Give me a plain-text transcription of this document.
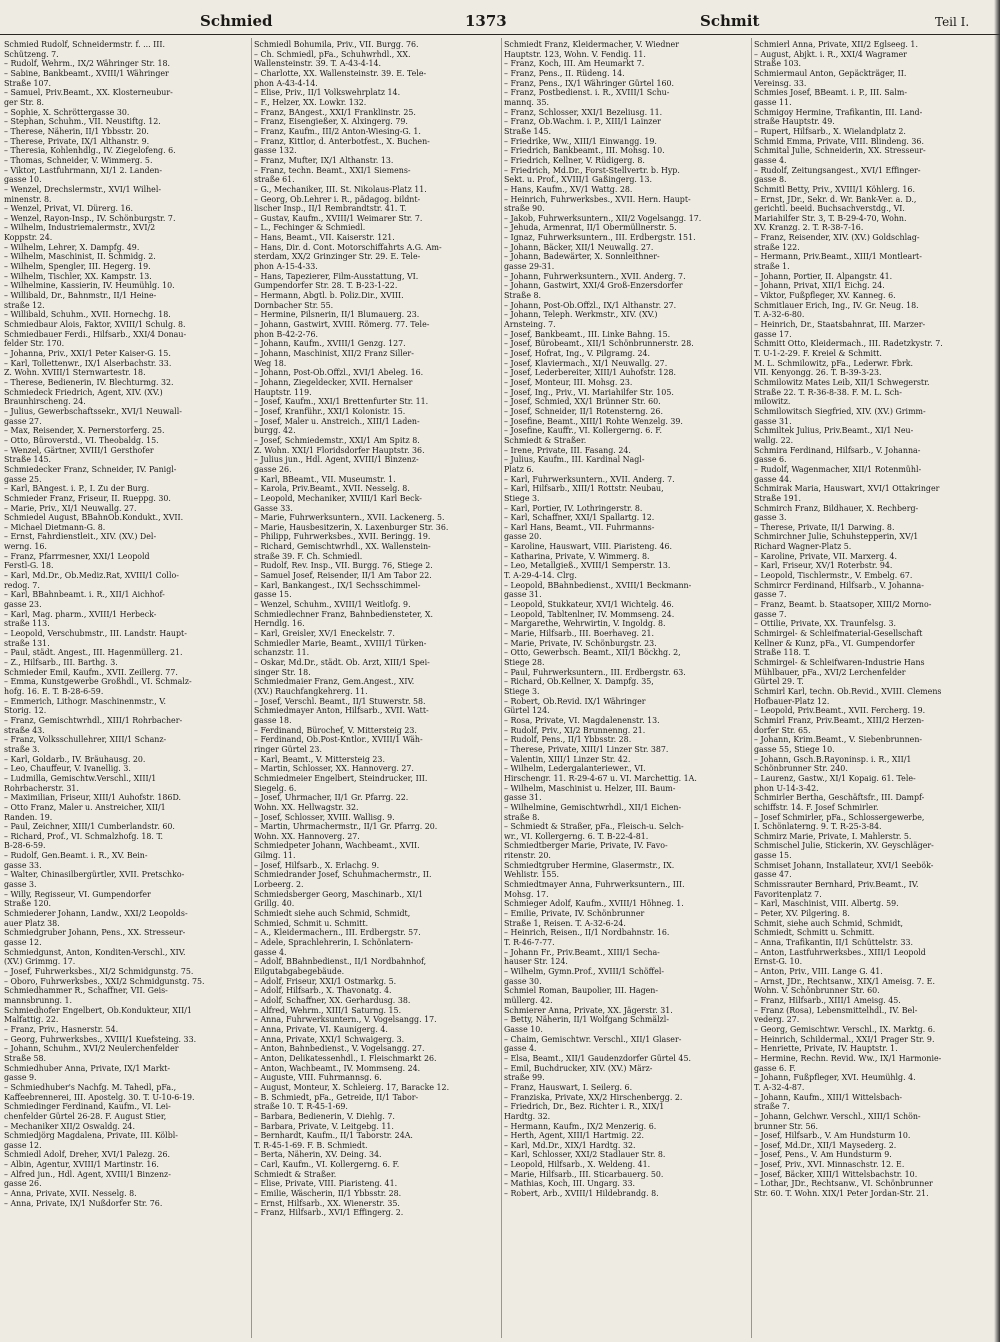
Schmied	1373	Schmit	Teil I.
Schmied Rudolf, Schneidermstr. f. ... III.
Schützeng. 7.
– Rudolf, Wehrm., IX/2 Währinger Str. 18.
– Sabine, Bankbeamt., XVIII/1 Währinger
Straße 107.
– Samuel, Priv.Beamt., XX. Klosterneubur-
ger Str. 8.
– Sophie, X. Schröttergasse 30.
– Stephan, Schuhm., VII. Neustiftg. 12.
– Therese, Näherin, II/1 Ybbsstr. 20.
– Therese, Private, IX/1 Althanstr. 9.
– Theresia, Kohlenhdlg., IV. Ziegelofeng. 6.
– Thomas, Schneider, V. Wimmerg. 5.
– Viktor, Lastfuhrmann, XI/1 2. Landen-
gasse 10.
– Wenzel, Drechslermstr., XVI/1 Wilhel-
minenstr. 8.
– Wenzel, Privat, VI. Dürerg. 16.
– Wenzel, Rayon-Insp., IV. Schönburgstr. 7.
– Wilhelm, Industriemalermstr., XVI/2
Koppstr. 24.
– Wilhelm, Lehrer, X. Dampfg. 49.
– Wilhelm, Maschinist, II. Schmidg. 2.
– Wilhelm, Spengler, III. Hegerg. 19.
– Wilhelm, Tischler, XX. Kampstr. 13.
– Wilhelmine, Kassierin, IV. Heumühlg. 10.
– Willibald, Dr., Bahnmstr., II/1 Heine-
straße 12.
– Willibald, Schuhm., XVII. Hornechg. 18.
Schmiedbaur Alois, Faktor, XVIII/1 Schulg. 8.
Schmiedbauer Ferdi., Hilfsarb., XXI/4 Donau-
felder Str. 170.
– Johanna, Priv., XXI/1 Peter Kaiser-G. 15.
– Karl, Tollettenwr., IX/1 Alserbachstr. 33.
Z. Wohn. XVIII/1 Sternwartestr. 18.
– Therese, Bedienerin, IV. Blechturmg. 32.
Schmiedeck Friedrich, Agent, XIV. (XV.)
Braunhirscheng. 24.
– Julius, Gewerbschaftssekr., XVI/1 Neuwall-
gasse 27.
– Max, Reisender, X. Pernerstorferg. 25.
– Otto, Büroverstd., VI. Theobaldg. 15.
– Wenzel, Gärtner, XVIII/1 Gersthofer
Straße 145.
Schmiedecker Franz, Schneider, IV. Panigl-
gasse 25.
– Karl, BAngest. i. P., I. Zu der Burg.
Schmieder Franz, Friseur, II. Rueppg. 30.
– Marie, Priv., XI/1 Neuwallg. 27.
Schmiedel August, BBahnOb.Kondukt., XVII.
– Michael Dietmann-G. 8.
– Ernst, Fahrdienstleit., XIV. (XV.) Del-
werng. 16.
– Franz, Pfarrmesner, XXI/1 Leopold
Ferstl-G. 18.
– Karl, Md.Dr., Ob.Mediz.Rat, XVIII/1 Collo-
redog. 7.
– Karl, BBahnbeamt. i. R., XII/1 Aichhof-
gasse 23.
– Karl, Mag. pharm., XVIII/1 Herbeck-
straße 113.
– Leopold, Verschubmstr., III. Landstr. Haupt-
straße 131.
– Paul, städt. Angest., III. Hagenmüllerg. 21.
– Z., Hilfsarb., III. Barthg. 3.
Schmieder Emil, Kaufm., XVII. Zeillerg. 77.
– Emma, Kunstgewerbe Großhdl., VI. Schmalz-
hofg. 16. E. T. B-28-6-59.
– Emmerich, Lithogr. Maschinenmstr., V.
Storig. 12.
– Franz, Gemischtwrhdl., XIII/1 Rohrbacher-
straße 43.
– Franz, Volksschullehrer, XIII/1 Schanz-
straße 3.
– Karl, Goldarb., IV. Bräuhausg. 20.
– Leo, Chauffeur, V. Ivanellig. 3.
– Ludmilla, Gemischtw.Verschl., XIII/1
Rohrbacherstr. 31.
– Maximilian, Friseur, XIII/1 Auhofstr. 186D.
– Otto Franz, Maler u. Anstreicher, XII/1
Randen. 19.
– Paul, Zeichner, XIII/1 Cumberlandstr. 60.
– Richard, Prof., VI. Schmalzhofg. 18. T.
B-28-6-59.
– Rudolf, Gen.Beamt. i. R., XV. Bein-
gasse 33.
– Walter, Chinasilbergürtler, XVII. Pretschko-
gasse 3.
– Willy, Regisseur, VI. Gumpendorfer
Straße 120.
Schmiederer Johann, Landw., XXI/2 Leopolds-
auer Platz 38.
Schmiedgruber Johann, Pens., XX. Stresseur-
gasse 12.
Schmiedgunst, Anton, Konditen-Verschl., XIV.
(XV.) Grimmg. 17.
– Josef, Fuhrwerksbes., XI/2 Schmidgunstg. 75.
– Oboro, Fuhrwerksbes., XXI/2 Schmidgunstg. 75.
Schmiedhammer R., Schaffner, VII. Geis-
mannsbrunng. 1.
Schmiedhofer Engelbert, Ob.Kondukteur, XII/1
Malfattig. 22.
– Franz, Priv., Hasnerstr. 54.
– Georg, Fuhrwerksbes., XVIII/1 Kuefsteing. 33.
– Johann, Schuhm., XVI/2 Neulerchenfelder
Straße 58.
Schmiedhuber Anna, Private, IX/1 Markt-
gasse 9.
– Schmiedhuber's Nachfg. M. Tahedl, pFa.,
Kaffeebrennerei, III. Apostelg. 30. T. U-10-6-19.
Schmiedinger Ferdinand, Kaufm., VI. Lei-
chenfelder Gürtel 26-28. F. August Stier,
– Mechaniker XII/2 Oswaldg. 24.
Schmiedjörg Magdalena, Private, III. Kölbl-
gasse 12.
Schmiedl Adolf, Dreher, XVI/1 Palezg. 26.
– Albin, Agentur, XVIII/1 Martinstr. 16.
– Alfred jun., Hdl. Agent, XVIII/1 Binzenz-
gasse 26.
– Anna, Private, XVII. Nesselg. 8.
– Anna, Private, IX/1 Nußdorfer Str. 76.
Schmiedl Bohumila, Priv., VII. Burgg. 76.
– Ch. Schmiedl, pFa., Schuhwrhdl., XX.
Wallensteinstr. 39. T. A-43-4-14.
– Charlotte, XX. Wallensteinstr. 39. E. Tele-
phon A-43-4-14.
– Elise, Priv., II/1 Volkswehrplatz 14.
– F., Helzer, XX. Lowkr. 132.
– Franz, BAngest., XXI/1 Franklinstr. 25.
– Franz, Eisengießer, X. Alxingerg. 79.
– Franz, Kaufm., III/2 Anton-Wiesing-G. 1.
– Franz, Kittlor, d. Anterbotfest., X. Buchen-
gasse 132.
– Franz, Mufter, IX/1 Althanstr. 13.
– Franz, techn. Beamt., XXI/1 Siemens-
straße 61.
– G., Mechaniker, III. St. Nikolaus-Platz 11.
– Georg, Ob.Lehrer i. R., pädagog. bildnt-
lischer Insp., II/1 Rembrandtstr. 41. T.
– Gustav, Kaufm., XVIII/1 Weimarer Str. 7.
– L., Fechinger & Schmiedl.
– Hans, Beamt., VII. Kaiserstr. 121.
– Hans, Dir. d. Cont. Motorschiffahrts A.G. Am-
sterdam, XX/2 Grinzinger Str. 29. E. Tele-
phon A-15-4-33.
– Hans, Tapezierer, Film-Ausstattung, VI.
Gumpendorfer Str. 28. T. B-23-1-22.
– Hermann, Abgtl. b. Poliz.Dir., XVIII.
Dornbacher Str. 55.
– Hermine, Pilsnerin, II/1 Blumauerg. 23.
– Johann, Gastwirt, XVIII. Römerg. 77. Tele-
phon B-42-2-76.
– Johann, Kaufm., XVIII/1 Genzg. 127.
– Johann, Maschinist, XII/2 Franz Siller-
Weg 18.
– Johann, Post-Ob.Offzl., XVI/1 Abeleg. 16.
– Johann, Ziegeldecker, XVII. Hernalser
Hauptstr. 119.
– Josef, Kaufm., XXI/1 Brettenfurter Str. 11.
– Josef, Kranführ., XXI/1 Kolonistr. 15.
– Josef, Maler u. Anstreich., XIII/1 Laden-
burgg. 42.
– Josef, Schmiedemstr., XXI/1 Am Spitz 8.
Z. Wohn. XXI/1 Floridsdorfer Hauptstr. 36.
– Julius jun., Hdl. Agent, XVIII/1 Binzenz-
gasse 26.
– Karl, BBeamt., VII. Museumstr. 1.
– Karola, Priv.Beamt., XVII. Nesselg. 8.
– Leopold, Mechaniker, XVIII/1 Karl Beck-
Gasse 33.
– Marie, Fuhrwerksuntern., XVII. Lackenerg. 5.
– Marie, Hausbesitzerin, X. Laxenburger Str. 36.
– Philipp, Fuhrwerksbes., XVII. Beringg. 19.
– Richard, Gemischtwrhdl., XX. Wallenstein-
straße 39. F. Ch. Schmiedl.
– Rudolf, Rev. Insp., VII. Burgg. 76, Stiege 2.
– Samuel Josef, Reisender, II/1 Am Tabor 22.
– Karl, Bankangest., IX/1 Sechsschimmel-
gasse 15.
– Wenzel, Schuhm., XVIII/1 Weitlofg. 9.
Schmiedlechner Franz, Bahnbediensteter, X.
Herndlg. 16.
– Karl, Greisler, XV/1 Eneckelstr. 7.
Schmiedler Marie, Beamt., XVIII/1 Türken-
schanzstr. 11.
– Oskar, Md.Dr., städt. Ob. Arzt, XIII/1 Spei-
singer Str. 18.
Schmiedmaier Franz, Gem.Angest., XIV.
(XV.) Rauchfangkehrerg. 11.
– Josef, Verschl. Beamt., II/1 Stuwerstr. 58.
Schmiedmayer Anton, Hilfsarb., XVII. Watt-
gasse 18.
– Ferdinand, Bürochef, V. Mittersteig 23.
– Ferdinand, Ob.Post-Kntlor., XVIII/1 Wäh-
ringer Gürtel 23.
– Karl, Beamt., V. Mittersteig 23.
– Martin, Schlosser, XX. Hannoverg. 27.
Schmiedmeier Engelbert, Steindrucker, III.
Siegelg. 6.
– Josef, Uhrmacher, II/1 Gr. Pfarrg. 22.
Wohn. XX. Hellwagstr. 32.
– Josef, Schlosser, XVIII. Wallisg. 9.
– Martin, Uhrmachermstr., II/1 Gr. Pfarrg. 20.
Wohn. XX. Hannoverg. 27.
Schmiedpeter Johann, Wachbeamt., XVII.
Gilmg. 11.
– Josef, Hilfsarb., X. Erlachg. 9.
Schmiedrander Josef, Schuhmachermstr., II.
Lorbeerg. 2.
Schmiedsberger Georg, Maschinarb., XI/1
Grillg. 40.
Schmiedt siehe auch Schmid, Schmidt,
Schmied, Schmit u. Schmitt.
– A., Kleidermachern., III. Erdbergstr. 57.
– Adele, Sprachlehrerin, I. Schönlatern-
gasse 4.
– Adolf, BBahnbedienst., II/1 Nordbahnhof,
Eilgutabgabegebäude.
– Adolf, Friseur, XXI/1 Ostmarkg. 5.
– Adolf, Hilfsarb., X. Thavonatg. 4.
– Adolf, Schaffner, XX. Gerhardusg. 38.
– Alfred, Wehrm., XIII/1 Saturng. 15.
– Anna, Fuhrwerksuntern., V. Vogelsangg. 17.
– Anna, Private, VI. Kaunigerg. 4.
– Anna, Private, XXI/1 Schwaigerg. 3.
– Anton, Bahnbedienst., V. Vogelsangg. 27.
– Anton, Delikatessenhdl., I. Fleischmarkt 26.
– Anton, Wachbeamt., IV. Mommseng. 24.
– Auguste, VIII. Fuhrmannsg. 6.
– August, Monteur, X. Schleierg. 17, Baracke 12.
– B. Schmiedt, pFa., Getreide, II/1 Tabor-
straße 10. T. R-45-1-69.
– Barbara, Bedienerin, V. Diehlg. 7.
– Barbara, Private, V. Leitgebg. 11.
– Bernhardt, Kaufm., II/1 Taborstr. 24A.
T. R-45-1-69. F. B. Schmiedt.
– Berta, Näherin, XV. Deing. 34.
– Carl, Kaufm., VI. Kollergerng. 6. F.
Schmiedt & Straßer.
– Elise, Private, VIII. Piaristeng. 41.
– Emilie, Wäscherin, II/1 Ybbsstr. 28.
– Ernst, Hilfsarb., XX. Wienerstr. 35.
– Franz, Hilfsarb., XVI/1 Effingerg. 2.
Schmiedt Franz, Kleidermacher, V. Wiedner
Hauptstr. 123, Wohn. V. Fendig. 11.
– Franz, Koch, III. Am Heumarkt 7.
– Franz, Pens., II. Rüdeng. 14.
– Franz, Pens., IX/1 Währinger Gürtel 160.
– Franz, Postbedienst. i. R., XVIII/1 Schu-
mannq. 35.
– Franz, Schlosser, XXI/1 Bezeliusg. 11.
– Franz, Ob.Wachm. i. P., XIII/1 Lainzer
Straße 145.
– Friedrike, Ww., XIII/1 Einwangg. 19.
– Friedrich, Bankbeamt., III. Mohsg. 10.
– Friedrich, Kellner, V. Rüdigerg. 8.
– Friedrich, Md.Dr., Forst-Stellvertr. b. Hyp.
Sekt. u. Prof., XVIII/1 Gaßingerg. 13.
– Hans, Kaufm., XV/1 Wattg. 28.
– Heinrich, Fuhrwerksbes., XVII. Hern. Haupt-
straße 90.
– Jakob, Fuhrwerksuntern., XII/2 Vogelsangg. 17.
– Jehuda, Armenrat, II/1 Obermüllnerstr. 5.
– Ignaz, Fuhrwerksuntern., III. Erdbergstr. 151.
– Johann, Bäcker, XII/1 Neuwallg. 27.
– Johann, Badewärter, X. Sonnleithner-
gasse 29-31.
– Johann, Fuhrwerksuntern., XVII. Anderg. 7.
– Johann, Gastwirt, XXI/4 Groß-Enzersdorfer
Straße 8.
– Johann, Post-Ob.Offzl., IX/1 Althanstr. 27.
– Johann, Teleph. Werkmstr., XIV. (XV.)
Arnsteing. 7.
– Josef, Bankbeamt., III. Linke Bahng. 15.
– Josef, Bürobeamt., XII/1 Schönbrunnerstr. 28.
– Josef, Hofrat, Ing., V. Pilgramg. 24.
– Josef, Klaviermach., XI/1 Neuwallg. 27.
– Josef, Lederbereiter, XIII/1 Auhofstr. 128.
– Josef, Monteur, III. Mohsg. 23.
– Josef, Ing., Priv., VI. Mariahilfer Str. 105.
– Josef, Schmied, XX/1 Brünner Str. 60.
– Josef, Schneider, II/1 Rotensterng. 26.
– Josefine, Beamt., XIII/1 Rohte Wenzelg. 39.
– Josefine, Kauffr., VI. Kollergerng. 6. F.
Schmiedt & Straßer.
– Irene, Private, III. Fasang. 24.
– Julius, Kaufm., III. Kardinal Nagl-
Platz 6.
– Karl, Fuhrwerksuntern., XVII. Anderg. 7.
– Karl, Hilfsarb., XIII/1 Rottstr. Neubau,
Stiege 3.
– Karl, Portier, IV. Lothringerstr. 8.
– Karl, Schaffner, XXI/1 Spallartg. 12.
– Karl Hans, Beamt., VII. Fuhrmanns-
gasse 20.
– Karoline, Hauswart, VIII. Piaristeng. 46.
– Katharina, Private, V. Wimmerg. 8.
– Leo, Metallgieß., XVIII/1 Semperstr. 13.
T. A-29-4-14. Clrg.
– Leopold, BBahnbedienst., XVIII/1 Beckmann-
gasse 31.
– Leopold, Stukkateur, XVI/1 Wichtelg. 46.
– Leopold, Tabltenlner, IV. Mommseng. 24.
– Margarethe, Wehrwirtin, V. Ingoldg. 8.
– Marie, Hilfsarb., III. Boerhaveg. 21.
– Marie, Private, IV. Schönburgstr. 23.
– Otto, Gewerbsch. Beamt., XII/1 Böckhg. 2,
Stiege 28.
– Paul, Fuhrwerksuntern., III. Erdbergstr. 63.
– Richard, Ob.Kellner, X. Dampfg. 35,
Stiege 3.
– Robert, Ob.Revid. IX/1 Währinger
Gürtel 124.
– Rosa, Private, VI. Magdalenenstr. 13.
– Rudolf, Priv., XI/2 Brunnenng. 21.
– Rudolf, Pens., II/1 Ybbsstr. 28.
– Therese, Private, XIII/1 Linzer Str. 387.
– Valentin, XIII/1 Linzer Str. 42.
– Wilhelm, Ledergalanteriewer., VI.
Hirschengr. 11. R-29-4-67 u. VI. Marchettig. 1A.
– Wilhelm, Maschinist u. Helzer, III. Baum-
gasse 31.
– Wilhelmine, Gemischtwrhdl., XII/1 Eichen-
straße 8.
– Schmiedt & Straßer, pFa., Fleisch-u. Selch-
wr., VI. Kollergerng. 6. T. B-22-4-81.
Schmiedtberger Marie, Private, IV. Favo-
ritenstr. 20.
Schmiedtgruber Hermine, Glasermstr., IX.
Wehlistr. 155.
Schmiedtmayer Anna, Fuhrwerksuntern., III.
Mohsg. 17.
Schmieger Adolf, Kaufm., XVIII/1 Höhneg. 1.
– Emilie, Private, IV. Schönbrunner
Straße 1, Reisen. T. A-32-6-24.
– Heinrich, Reisen., II/1 Nordbahnstr. 16.
T. R-46-7-77.
– Johann Fr., Priv.Beamt., XIII/1 Secha-
hauser Str. 124.
– Wilhelm, Gymn.Prof., XVIII/1 Schöffel-
gasse 30.
Schmiel Roman, Baupolier, III. Hagen-
müllerg. 42.
Schmierer Anna, Private, XX. Jägerstr. 31.
– Betty, Näherin, II/1 Wolfgang Schmälzl-
Gasse 10.
– Chaim, Gemischtwr. Verschl., XII/1 Glaser-
gasse 4.
– Elsa, Beamt., XII/1 Gaudenzdorfer Gürtel 45.
– Emil, Buchdrucker, XIV. (XV.) März-
straße 99.
– Franz, Hauswart, I. Seilerg. 6.
– Franziska, Private, XX/2 Hirschenbergg. 2.
– Friedrich, Dr., Bez. Richter i. R., XIX/1
Hardtg. 32.
– Hermann, Kaufm., IX/2 Menzerig. 6.
– Herth, Agent, XIII/1 Hartmig. 22.
– Karl, Md.Dr., XIX/1 Hardtg. 32.
– Karl, Schlosser, XXI/2 Stadlauer Str. 8.
– Leopold, Hilfsarb., X. Weldeng. 41.
– Marie, Hilfsarb., III. Sticarbauerg. 50.
– Mathias, Koch, III. Ungarg. 33.
– Robert, Arb., XVIII/1 Hildebrandg. 8.
Schmierl Anna, Private, XII/2 Eglseeg. 1.
– August, Abjkt. i. R., XXI/4 Wagramer
Straße 103.
Schmiermaul Anton, Gepäckträger, II.
Vereinsg. 33.
Schmies Josef, BBeamt. i. P., III. Salm-
gasse 11.
Schmigoy Hermine, Trafikantin, III. Land-
straße Hauptstr. 49.
– Rupert, Hilfsarb., X. Wielandplatz 2.
Schmid Emma, Private, VIII. Blindeng. 36.
Schmital Julie, Schneiderin, XX. Stresseur-
gasse 4.
– Rudolf, Zeitungsangest., XVI/1 Effinger-
gasse 8.
Schmitl Betty, Priv., XVIII/1 Köhlerg. 16.
– Ernst, JDr., Sekr. d. Wr. Bank-Ver. a. D.,
gerichtl. beeid. Buchsachverstdg., VI.
Mariahilfer Str. 3, T. B-29-4-70, Wohn.
XV. Kranzg. 2. T. R-38-7-16.
– Franz, Reisender, XIV. (XV.) Goldschlag-
straße 122.
– Hermann, Priv.Beamt., XIII/1 Montleart-
straße 1.
– Johann, Portier, II. Alpangstr. 41.
– Johann, Privat, XII/1 Eichg. 24.
– Viktor, Fußpfleger, XV. Kanneg. 6.
Schmitlauer Erich, Ing., IV. Gr. Neug. 18.
T. A-32-6-80.
– Heinrich, Dr., Staatsbahnrat, III. Marzer-
gasse 17.
Schmitt Otto, Kleidermach., III. Radetzkystr. 7.
T. U-1-2-29. F. Kreiel & Schmitt.
M. L. Schmilowitz, pFa., Lederwr. Fbrk.
VII. Kenyongg. 26. T. B-39-3-23.
Schmilowitz Mates Leib, XII/1 Schwegerstr.
Straße 22. T. R-36-8-38. F. M. L. Sch-
milowitz.
Schmilowitsch Siegfried, XIV. (XV.) Grimm-
gasse 31.
Schmiltek Julius, Priv.Beamt., XI/1 Neu-
wallg. 22.
Schmira Ferdinand, Hilfsarb., V. Johanna-
gasse 6.
– Rudolf, Wagenmacher, XII/1 Rotenmühl-
gasse 44.
Schmirak Maria, Hauswart, XVI/1 Ottakringer
Straße 191.
Schmirch Franz, Bildhauer, X. Rechberg-
gasse 3.
– Therese, Private, II/1 Darwing. 8.
Schmirchner Julie, Schuhstepperin, XV/1
Richard Wagner-Platz 5.
– Karoline, Private, VII. Marxerg. 4.
– Karl, Friseur, XV/1 Roterbstr. 94.
– Leopold, Tischlermstr., V. Embelg. 67.
Schmircr Ferdinand, Hilfsarb., V. Johanna-
gasse 7.
– Franz, Beamt. b. Staatsoper, XIII/2 Morno-
gasse 7.
– Ottilie, Private, XX. Traunfelsg. 3.
Schmirgel- & Schleifmaterial-Gesellschaft
Kellner & Kunz, pFa., VI. Gumpendorfer
Straße 118. T.
Schmirgel- & Schleifwaren-Industrie Hans
Mühlbauer, pFa., XVI/2 Lerchenfelder
Gürtel 29. T.
Schmirl Karl, techn. Ob.Revid., XVIII. Clemens
Hofbauer-Platz 12.
– Leopold, Priv.Beamt., XVII. Fercherg. 19.
Schmirl Franz, Priv.Beamt., XIII/2 Herzen-
dorfer Str. 65.
– Johann, Krim.Beamt., V. Siebenbrunnen-
gasse 55, Stiege 10.
– Johann, Gsch.B.Rayoninsp. i. R., XII/1
Schönbrunner Str. 240.
– Laurenz, Gastw., XI/1 Kopaig. 61. Tele-
phon U-14-3-42.
Schmirler Bertha, Geschäftsfr., III. Dampf-
schiffstr. 14. F. Josef Schmirler.
– Josef Schmirler, pFa., Schlossergewerbe,
I. Schönlaterng. 9. T. R-25-3-84.
Schmirz Marie, Private, I. Mahlerstr. 5.
Schmischel Julie, Stickerin, XV. Geyschläger-
gasse 15.
Schmiset Johann, Installateur, XVI/1 Seebök-
gasse 47.
Schmissrauter Bernhard, Priv.Beamt., IV.
Favoritenplatz 7.
– Karl, Maschinist, VIII. Albertg. 59.
– Peter, XV. Pilgering. 8.
Schmit, siehe auch Schmid, Schmidt,
Schmiedt, Schmitt u. Schmitt.
– Anna, Trafikantin, II/1 Schüttelstr. 33.
– Anton, Lastfuhrwerksbes., XIII/1 Leopold
Ernst-G. 10.
– Anton, Priv., VIII. Lange G. 41.
– Arnst, JDr., Rechtsanw., XIX/1 Ameisg. 7. E.
Wohn. V. Schönbrunner Str. 60.
– Franz, Hilfsarb., XIII/1 Ameisg. 45.
– Franz (Rosa), Lebensmittelhdl., IV. Bel-
vederg. 27.
– Georg, Gemischtwr. Verschl., IX. Marktg. 6.
– Heinrich, Schildermal., XXI/1 Prager Str. 9.
– Henriette, Private, IV. Hauptstr. 1.
– Hermine, Rechn. Revid. Ww., IX/1 Harmonie-
gasse 6. F.
– Johann, Fußpfleger, XVI. Heumühlg. 4.
T. A-32-4-87.
– Johann, Kaufm., XIII/1 Wittelsbach-
straße 7.
– Johann, Gelchwr. Verschl., XIII/1 Schön-
brunner Str. 56.
– Josef, Hilfsarb., V. Am Hundsturm 10.
– Josef, Md.Dr., XII/1 Maysederg. 2.
– Josef, Pens., V. Am Hundsturm 9.
– Josef, Priv., XVI. Minnaschstr. 12. E.
– Josef, Bäcker, XIII/1 Wittelsbachstr. 10.
– Lothar, JDr., Rechtsanw., VI. Schönbrunner
Str. 60. T. Wohn. XIX/1 Peter Jordan-Str. 21.
